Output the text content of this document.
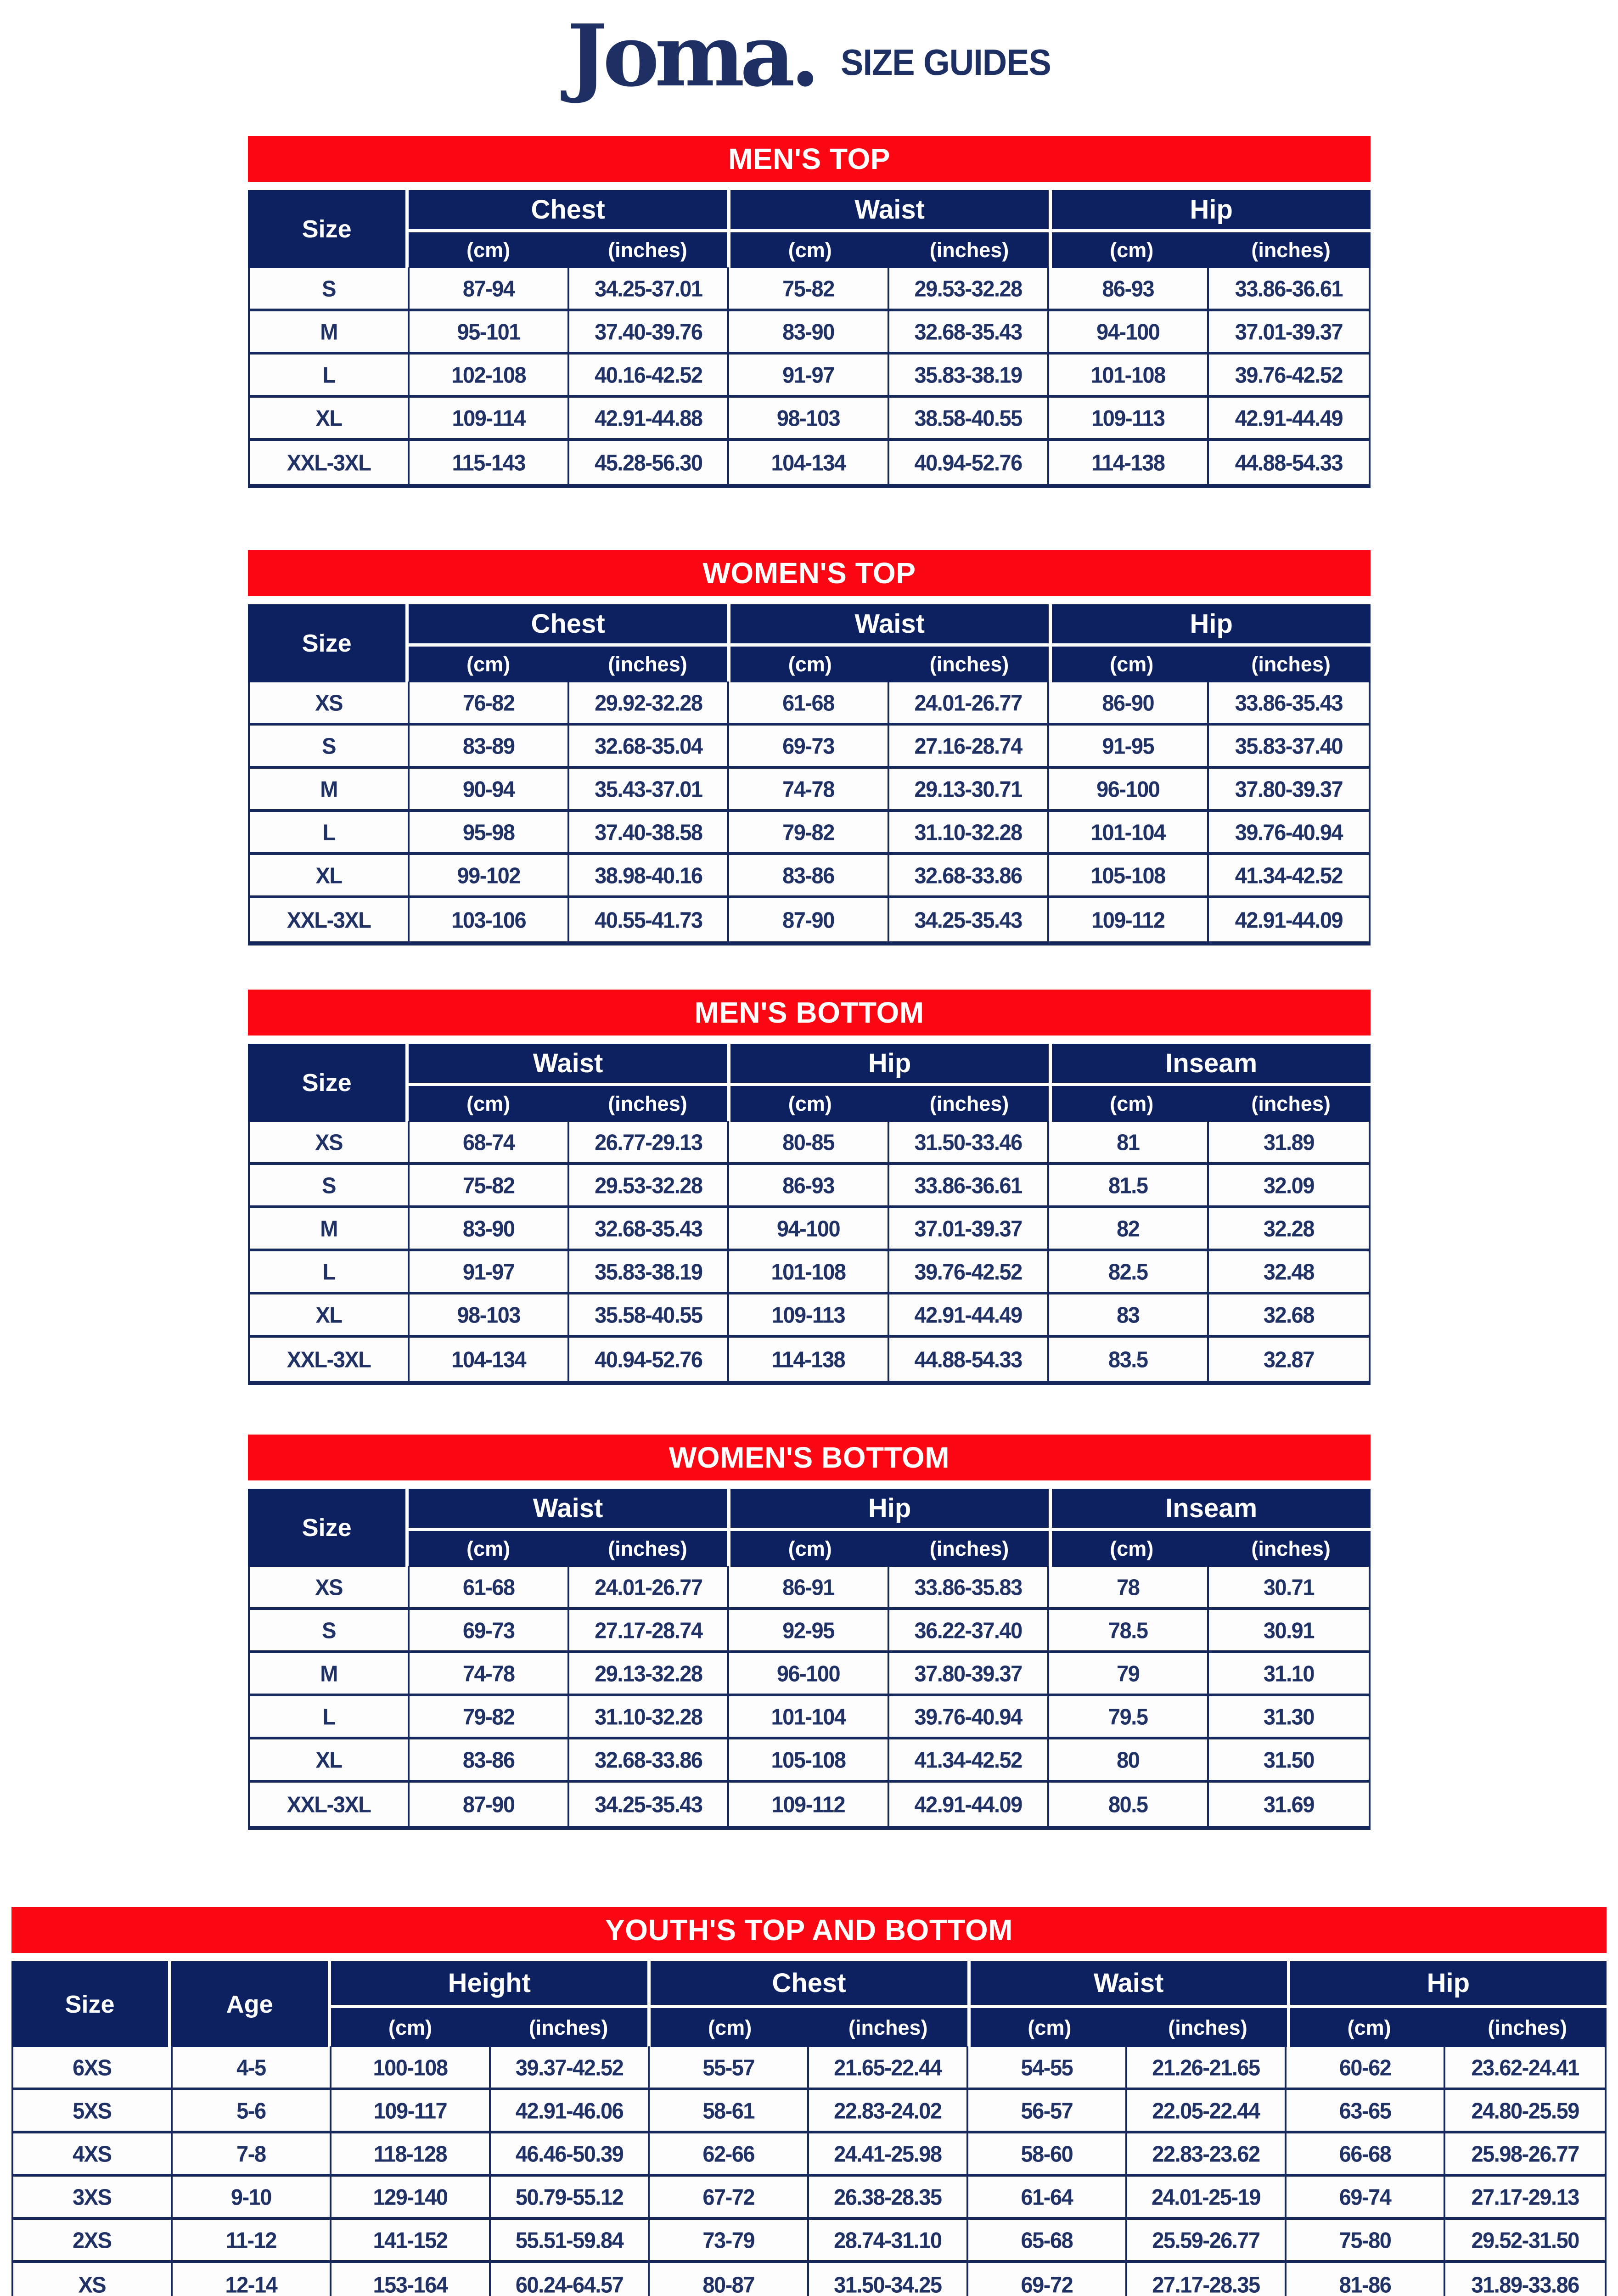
Joma. SIZE GUIDES
MEN'S TOP
Size
Chest
(cm)	(inches)
Waist
(cm)	(inches)
Hip
(cm)	(inches)
S	87-94	34.25-37.01	75-82	29.53-32.28	86-93	33.86-36.61
M	95-101	37.40-39.76	83-90	32.68-35.43	94-100	37.01-39.37
L	102-108	40.16-42.52	91-97	35.83-38.19	101-108	39.76-42.52
XL	109-114	42.91-44.88	98-103	38.58-40.55	109-113	42.91-44.49
XXL-3XL	115-143	45.28-56.30	104-134	40.94-52.76	114-138	44.88-54.33
WOMEN'S TOP
Size
Chest
(cm)	(inches)
Waist
(cm)	(inches)
Hip
(cm)	(inches)
XS	76-82	29.92-32.28	61-68	24.01-26.77	86-90	33.86-35.43
S	83-89	32.68-35.04	69-73	27.16-28.74	91-95	35.83-37.40
M	90-94	35.43-37.01	74-78	29.13-30.71	96-100	37.80-39.37
L	95-98	37.40-38.58	79-82	31.10-32.28	101-104	39.76-40.94
XL	99-102	38.98-40.16	83-86	32.68-33.86	105-108	41.34-42.52
XXL-3XL	103-106	40.55-41.73	87-90	34.25-35.43	109-112	42.91-44.09
MEN'S BOTTOM
Size
Waist
(cm)	(inches)
Hip
(cm)	(inches)
Inseam
(cm)	(inches)
XS	68-74	26.77-29.13	80-85	31.50-33.46	81	31.89
S	75-82	29.53-32.28	86-93	33.86-36.61	81.5	32.09
M	83-90	32.68-35.43	94-100	37.01-39.37	82	32.28
L	91-97	35.83-38.19	101-108	39.76-42.52	82.5	32.48
XL	98-103	35.58-40.55	109-113	42.91-44.49	83	32.68
XXL-3XL	104-134	40.94-52.76	114-138	44.88-54.33	83.5	32.87
WOMEN'S BOTTOM
Size
Waist
(cm)	(inches)
Hip
(cm)	(inches)
Inseam
(cm)	(inches)
XS	61-68	24.01-26.77	86-91	33.86-35.83	78	30.71
S	69-73	27.17-28.74	92-95	36.22-37.40	78.5	30.91
M	74-78	29.13-32.28	96-100	37.80-39.37	79	31.10
L	79-82	31.10-32.28	101-104	39.76-40.94	79.5	31.30
XL	83-86	32.68-33.86	105-108	41.34-42.52	80	31.50
XXL-3XL	87-90	34.25-35.43	109-112	42.91-44.09	80.5	31.69
YOUTH'S TOP AND BOTTOM
Size	Age
Height
(cm)	(inches)
Chest
(cm)	(inches)
Waist
(cm)	(inches)
Hip
(cm)	(inches)
6XS	4-5	100-108	39.37-42.52	55-57	21.65-22.44	54-55	21.26-21.65	60-62	23.62-24.41
5XS	5-6	109-117	42.91-46.06	58-61	22.83-24.02	56-57	22.05-22.44	63-65	24.80-25.59
4XS	7-8	118-128	46.46-50.39	62-66	24.41-25.98	58-60	22.83-23.62	66-68	25.98-26.77
3XS	9-10	129-140	50.79-55.12	67-72	26.38-28.35	61-64	24.01-25-19	69-74	27.17-29.13
2XS	11-12	141-152	55.51-59.84	73-79	28.74-31.10	65-68	25.59-26.77	75-80	29.52-31.50
XS	12-14	153-164	60.24-64.57	80-87	31.50-34.25	69-72	27.17-28.35	81-86	31.89-33.86
